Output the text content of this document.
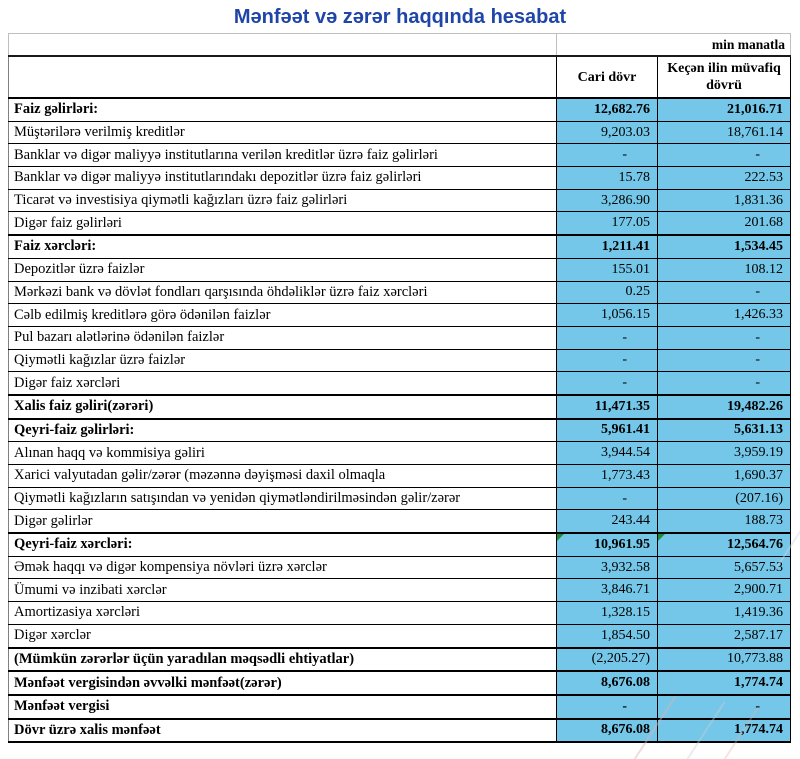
Mənfəət və zərər haqqında hesabat
	min manatla	
	Cari dövr	Keçən ilin müvafiq dövrü
Faiz gəlirləri:	12,682.76	21,016.71
Müştərilərə verilmiş kreditlər	9,203.03	18,761.14
Banklar və digər maliyyə institutlarına verilən kreditlər üzrə faiz gəlirləri	-	-
Banklar və digər maliyyə institutlarındakı depozitlər üzrə faiz gəlirləri	15.78	222.53
Ticarət və investisiya qiymətli kağızları üzrə faiz gəlirləri	3,286.90	1,831.36
Digər faiz gəlirləri	177.05	201.68
Faiz xərcləri:	1,211.41	1,534.45
Depozitlər üzrə faizlər	155.01	108.12
Mərkəzi bank və dövlət fondları qarşısında öhdəliklər üzrə faiz xərcləri	0.25	-
Cəlb edilmiş kreditlərə görə ödənilən faizlər	1,056.15	1,426.33
Pul bazarı alətlərinə ödənilən faizlər	-	-
Qiymətli kağızlar üzrə faizlər	-	-
Digər faiz xərcləri	-	-
Xalis faiz gəliri(zərəri)	11,471.35	19,482.26
Qeyri-faiz gəlirləri:	5,961.41	5,631.13
Alınan haqq və kommisiya gəliri	3,944.54	3,959.19
Xarici valyutadan gəlir/zərər (məzənnə dəyişməsi daxil olmaqla	1,773.43	1,690.37
Qiymətli kağızların satışından və yenidən qiymətləndirilməsindən gəlir/zərər	-	(207.16)
Digər gəlirlər	243.44	188.73
Qeyri-faiz xərcləri:	10,961.95	12,564.76

Əmək haqqı və digər kompensiya növləri üzrə xərclər	3,932.58	5,657.53
Ümumi və inzibati xərclər	3,846.71	2,900.71
Amortizasiya xərcləri	1,328.15	1,419.36
Digər xərclər	1,854.50	2,587.17
(Mümkün zərərlər üçün yaradılan məqsədli ehtiyatlar)	(2,205.27)	10,773.88
Mənfəət vergisindən əvvəlki mənfəət(zərər)	8,676.08	1,774.74
Mənfəət vergisi	-	-
Dövr üzrə xalis mənfəət	8,676.08	1,774.74
